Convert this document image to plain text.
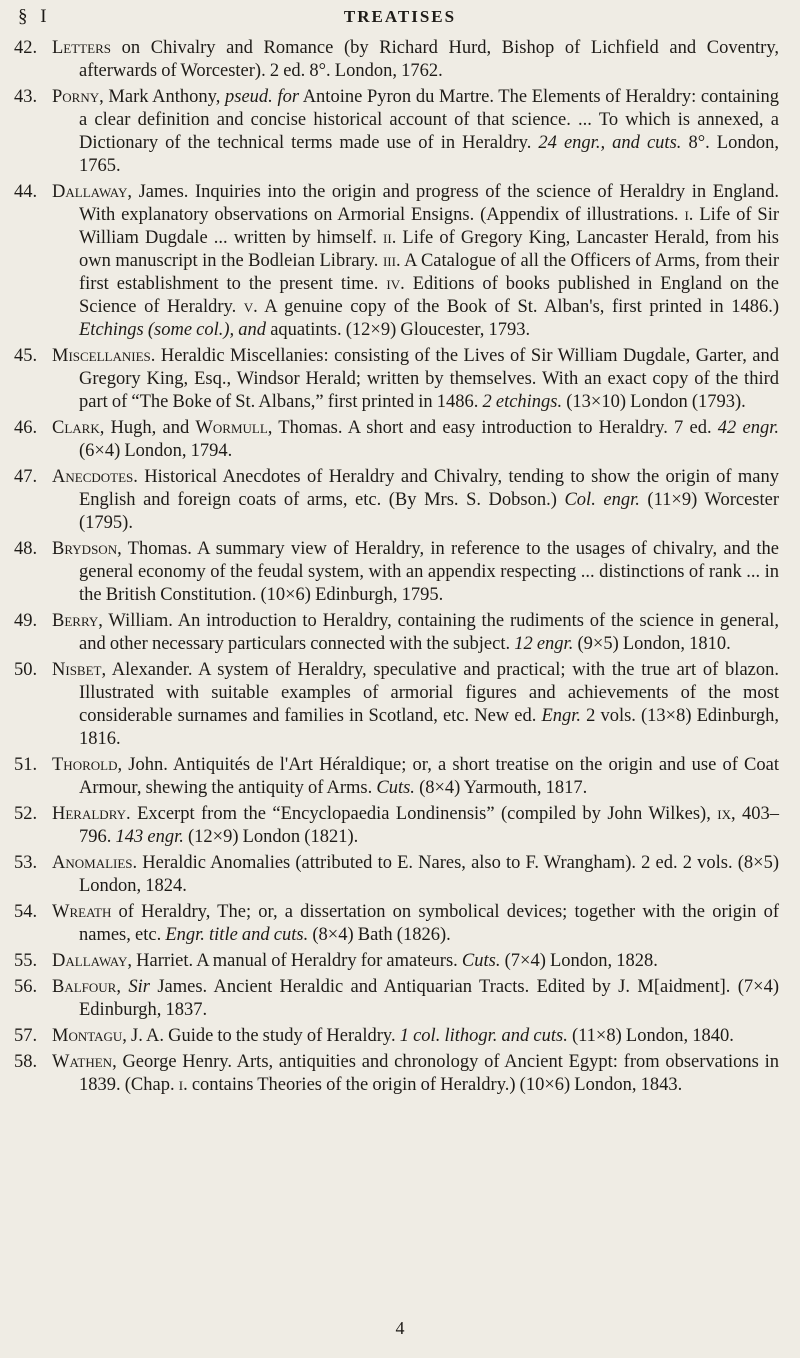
§ I	TREATISES
42. Letters on Chivalry and Romance (by Richard Hurd, Bishop of Lichfield and Coventry, afterwards of Worcester). 2 ed. 8°. London, 1762.
43. Porny, Mark Anthony, pseud. for Antoine Pyron du Martre. The Elements of Heraldry: containing a clear definition and concise historical account of that science. ... To which is annexed, a Dictionary of the technical terms made use of in Heraldry. 24 engr., and cuts. 8°. London, 1765.
44. Dallaway, James. Inquiries into the origin and progress of the science of Heraldry in England. With explanatory observations on Armorial Ensigns. (Appendix of illustrations. i. Life of Sir William Dugdale ... written by himself. ii. Life of Gregory King, Lancaster Herald, from his own manuscript in the Bodleian Library. iii. A Catalogue of all the Officers of Arms, from their first establishment to the present time. iv. Editions of books published in England on the Science of Heraldry. v. A genuine copy of the Book of St. Alban's, first printed in 1486.) Etchings (some col.), and aquatints. (12×9) Gloucester, 1793.
45. Miscellanies. Heraldic Miscellanies: consisting of the Lives of Sir William Dugdale, Garter, and Gregory King, Esq., Windsor Herald; written by themselves. With an exact copy of the third part of “The Boke of St. Albans,” first printed in 1486. 2 etchings. (13×10) London (1793).
46. Clark, Hugh, and Wormull, Thomas. A short and easy introduction to Heraldry. 7 ed. 42 engr. (6×4) London, 1794.
47. Anecdotes. Historical Anecdotes of Heraldry and Chivalry, tending to show the origin of many English and foreign coats of arms, etc. (By Mrs. S. Dobson.) Col. engr. (11×9) Worcester (1795).
48. Brydson, Thomas. A summary view of Heraldry, in reference to the usages of chivalry, and the general economy of the feudal system, with an appendix respecting ... distinctions of rank ... in the British Constitution. (10×6) Edinburgh, 1795.
49. Berry, William. An introduction to Heraldry, containing the rudiments of the science in general, and other necessary particulars connected with the subject. 12 engr. (9×5) London, 1810.
50. Nisbet, Alexander. A system of Heraldry, speculative and practical; with the true art of blazon. Illustrated with suitable examples of armorial figures and achievements of the most considerable surnames and families in Scotland, etc. New ed. Engr. 2 vols. (13×8) Edinburgh, 1816.
51. Thorold, John. Antiquités de l'Art Héraldique; or, a short treatise on the origin and use of Coat Armour, shewing the antiquity of Arms. Cuts. (8×4) Yarmouth, 1817.
52. Heraldry. Excerpt from the “Encyclopaedia Londinensis” (compiled by John Wilkes), ix, 403–796. 143 engr. (12×9) London (1821).
53. Anomalies. Heraldic Anomalies (attributed to E. Nares, also to F. Wrangham). 2 ed. 2 vols. (8×5) London, 1824.
54. Wreath of Heraldry, The; or, a dissertation on symbolical devices; together with the origin of names, etc. Engr. title and cuts. (8×4) Bath (1826).
55. Dallaway, Harriet. A manual of Heraldry for amateurs. Cuts. (7×4) London, 1828.
56. Balfour, Sir James. Ancient Heraldic and Antiquarian Tracts. Edited by J. M[aidment]. (7×4) Edinburgh, 1837.
57. Montagu, J. A. Guide to the study of Heraldry. 1 col. lithogr. and cuts. (11×8) London, 1840.
58. Wathen, George Henry. Arts, antiquities and chronology of Ancient Egypt: from observations in 1839. (Chap. i. contains Theories of the origin of Heraldry.) (10×6) London, 1843.
4
